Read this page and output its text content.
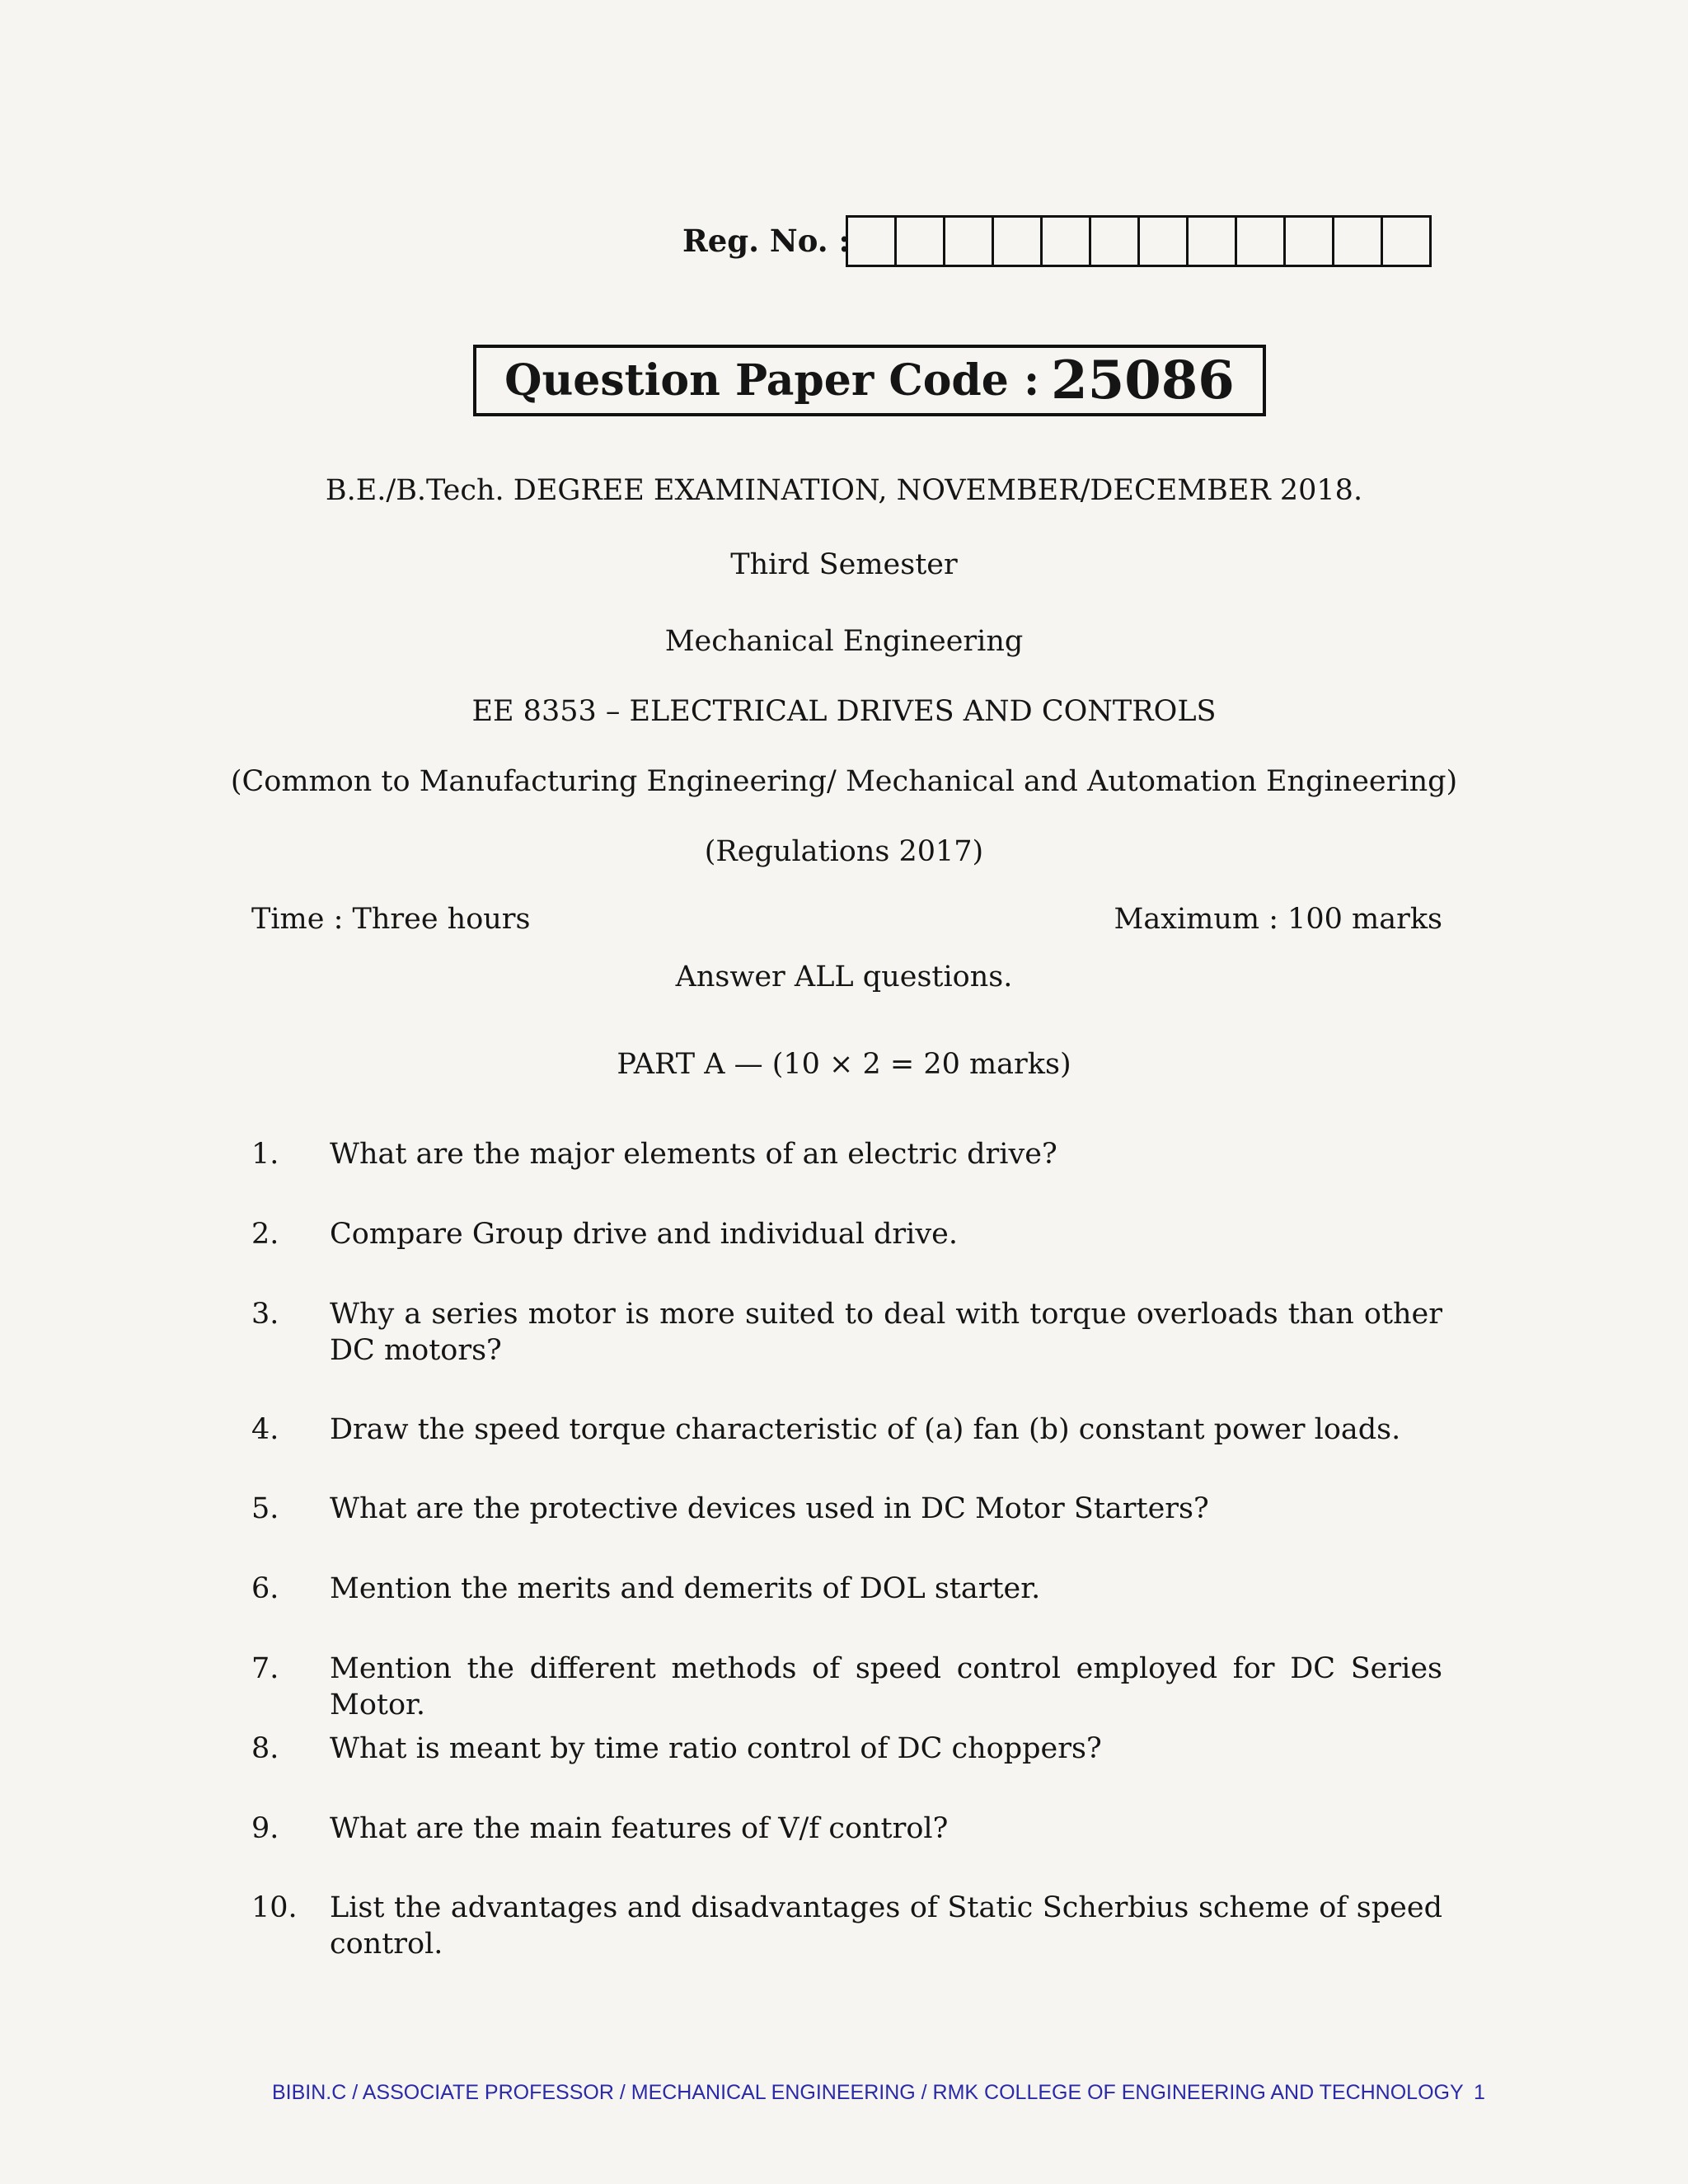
Reg. No. :
Question Paper Code : 25086
B.E./B.Tech. DEGREE EXAMINATION, NOVEMBER/DECEMBER 2018.
Third Semester
Mechanical Engineering
EE 8353 – ELECTRICAL DRIVES AND CONTROLS
(Common to Manufacturing Engineering/ Mechanical and Automation Engineering)
(Regulations 2017)
Time : Three hours	Maximum : 100 marks
Answer ALL questions.
PART A — (10 × 2 = 20 marks)
1.	What are the major elements of an electric drive?
2.	Compare Group drive and individual drive.
3.	Why a series motor is more suited to deal with torque overloads than other DC motors?
4.	Draw the speed torque characteristic of (a) fan (b) constant power loads.
5.	What are the protective devices used in DC Motor Starters?
6.	Mention the merits and demerits of DOL starter.
7.	Mention the different methods of speed control employed for DC Series Motor.
8.	What is meant by time ratio control of DC choppers?
9.	What are the main features of V/f control?
10.	List the advantages and disadvantages of Static Scherbius scheme of speed control.
BIBIN.C / ASSOCIATE PROFESSOR / MECHANICAL ENGINEERING / RMK COLLEGE OF ENGINEERING AND TECHNOLOGY 1
